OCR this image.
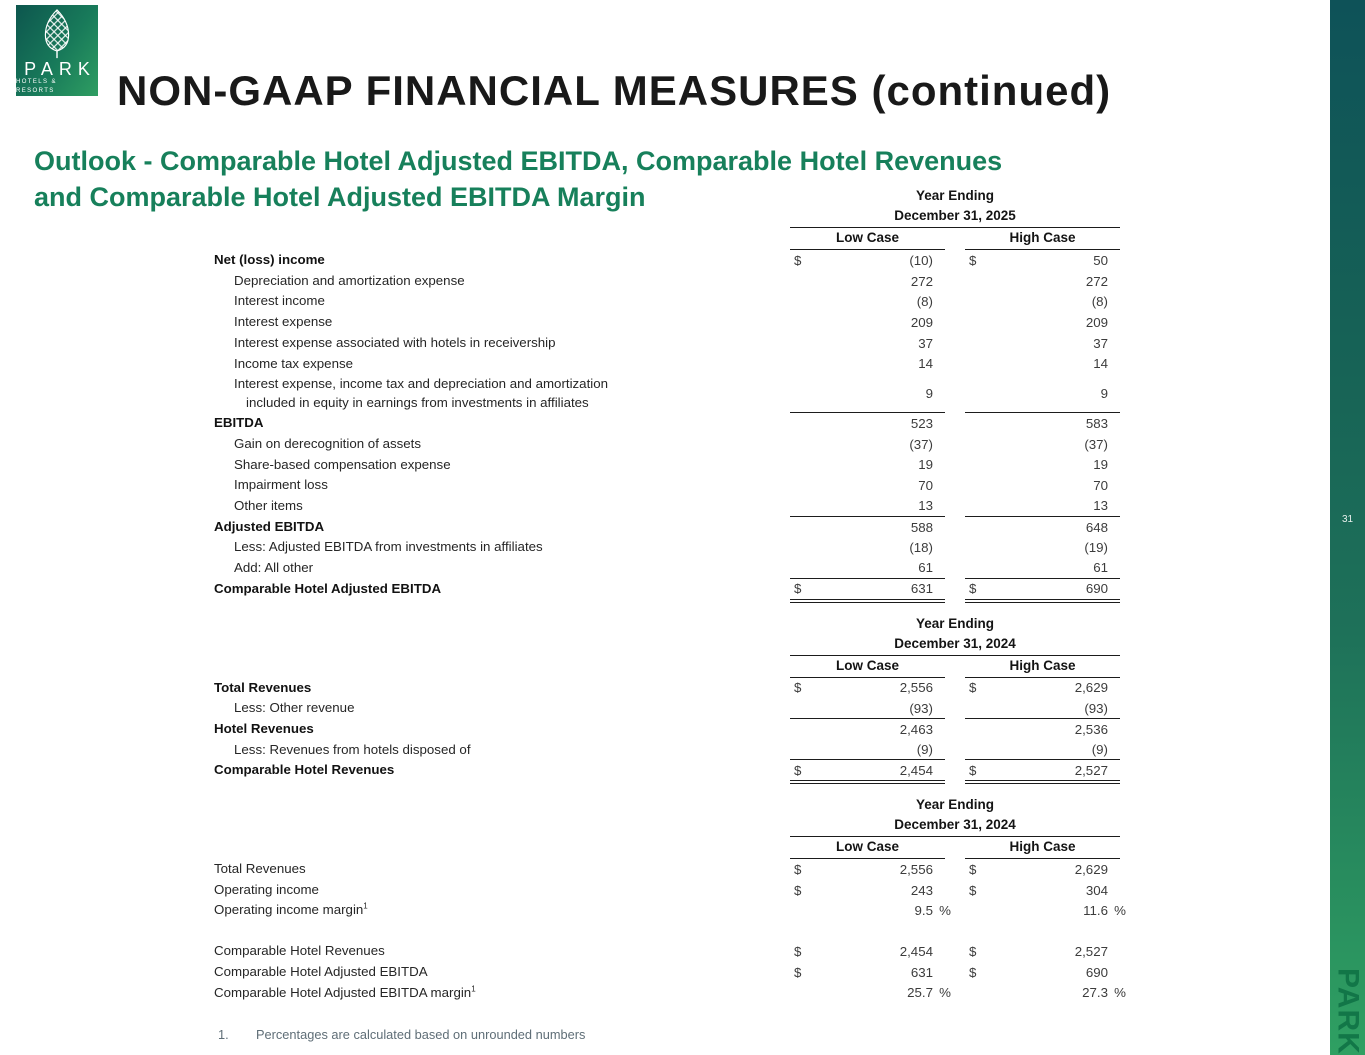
PARK
HOTELS & RESORTS	NON-GAAP FINANCIAL MEASURES (continued)
Outlook - Comparable Hotel Adjusted EBITDA, Comparable Hotel Revenues
and Comparable Hotel Adjusted EBITDA Margin	Year Ending
December 31, 2025
Low Case	High Case
Net (loss) income	$	(10)	$	50
Depreciation and amortization expense	272	272
Interest income	(8)	(8)
Interest expense	209	209
Interest expense associated with hotels in receivership	37	37
Income tax expense	14	14
Interest expense, income tax and depreciation and amortization
included in equity in earnings from investments in affiliates
9	9
EBITDA	523	583
Gain on derecognition of assets	(37)	(37)
Share-based compensation expense	19	19
Impairment loss	70	70
Other items	13	13
Adjusted EBITDA	588	648
Less: Adjusted EBITDA from investments in affiliates	(18)	(19)
Add: All other	61	61
Comparable Hotel Adjusted EBITDA	$	631	$	690
Year Ending
December 31, 2024
Low Case	High Case
Total Revenues	$	2,556	$	2,629
Less: Other revenue	(93)	(93)
Hotel Revenues	2,463	2,536
Less: Revenues from hotels disposed of	(9)	(9)
Comparable Hotel Revenues	$	2,454	$	2,527
Year Ending
December 31, 2024
Low Case	High Case
Total Revenues	$	2,556	$	2,629
Operating income	$	243	$	304
Operating income margin$^1$	9.5 %	11.6 %
Comparable Hotel Revenues	$	2,454	$	2,527
Comparable Hotel Adjusted EBITDA	$	631	$	690
Comparable Hotel Adjusted EBITDA margin$^1$	25.7 %	27.3 %
1.	Percentages are calculated based on unrounded numbers
31
PARK
